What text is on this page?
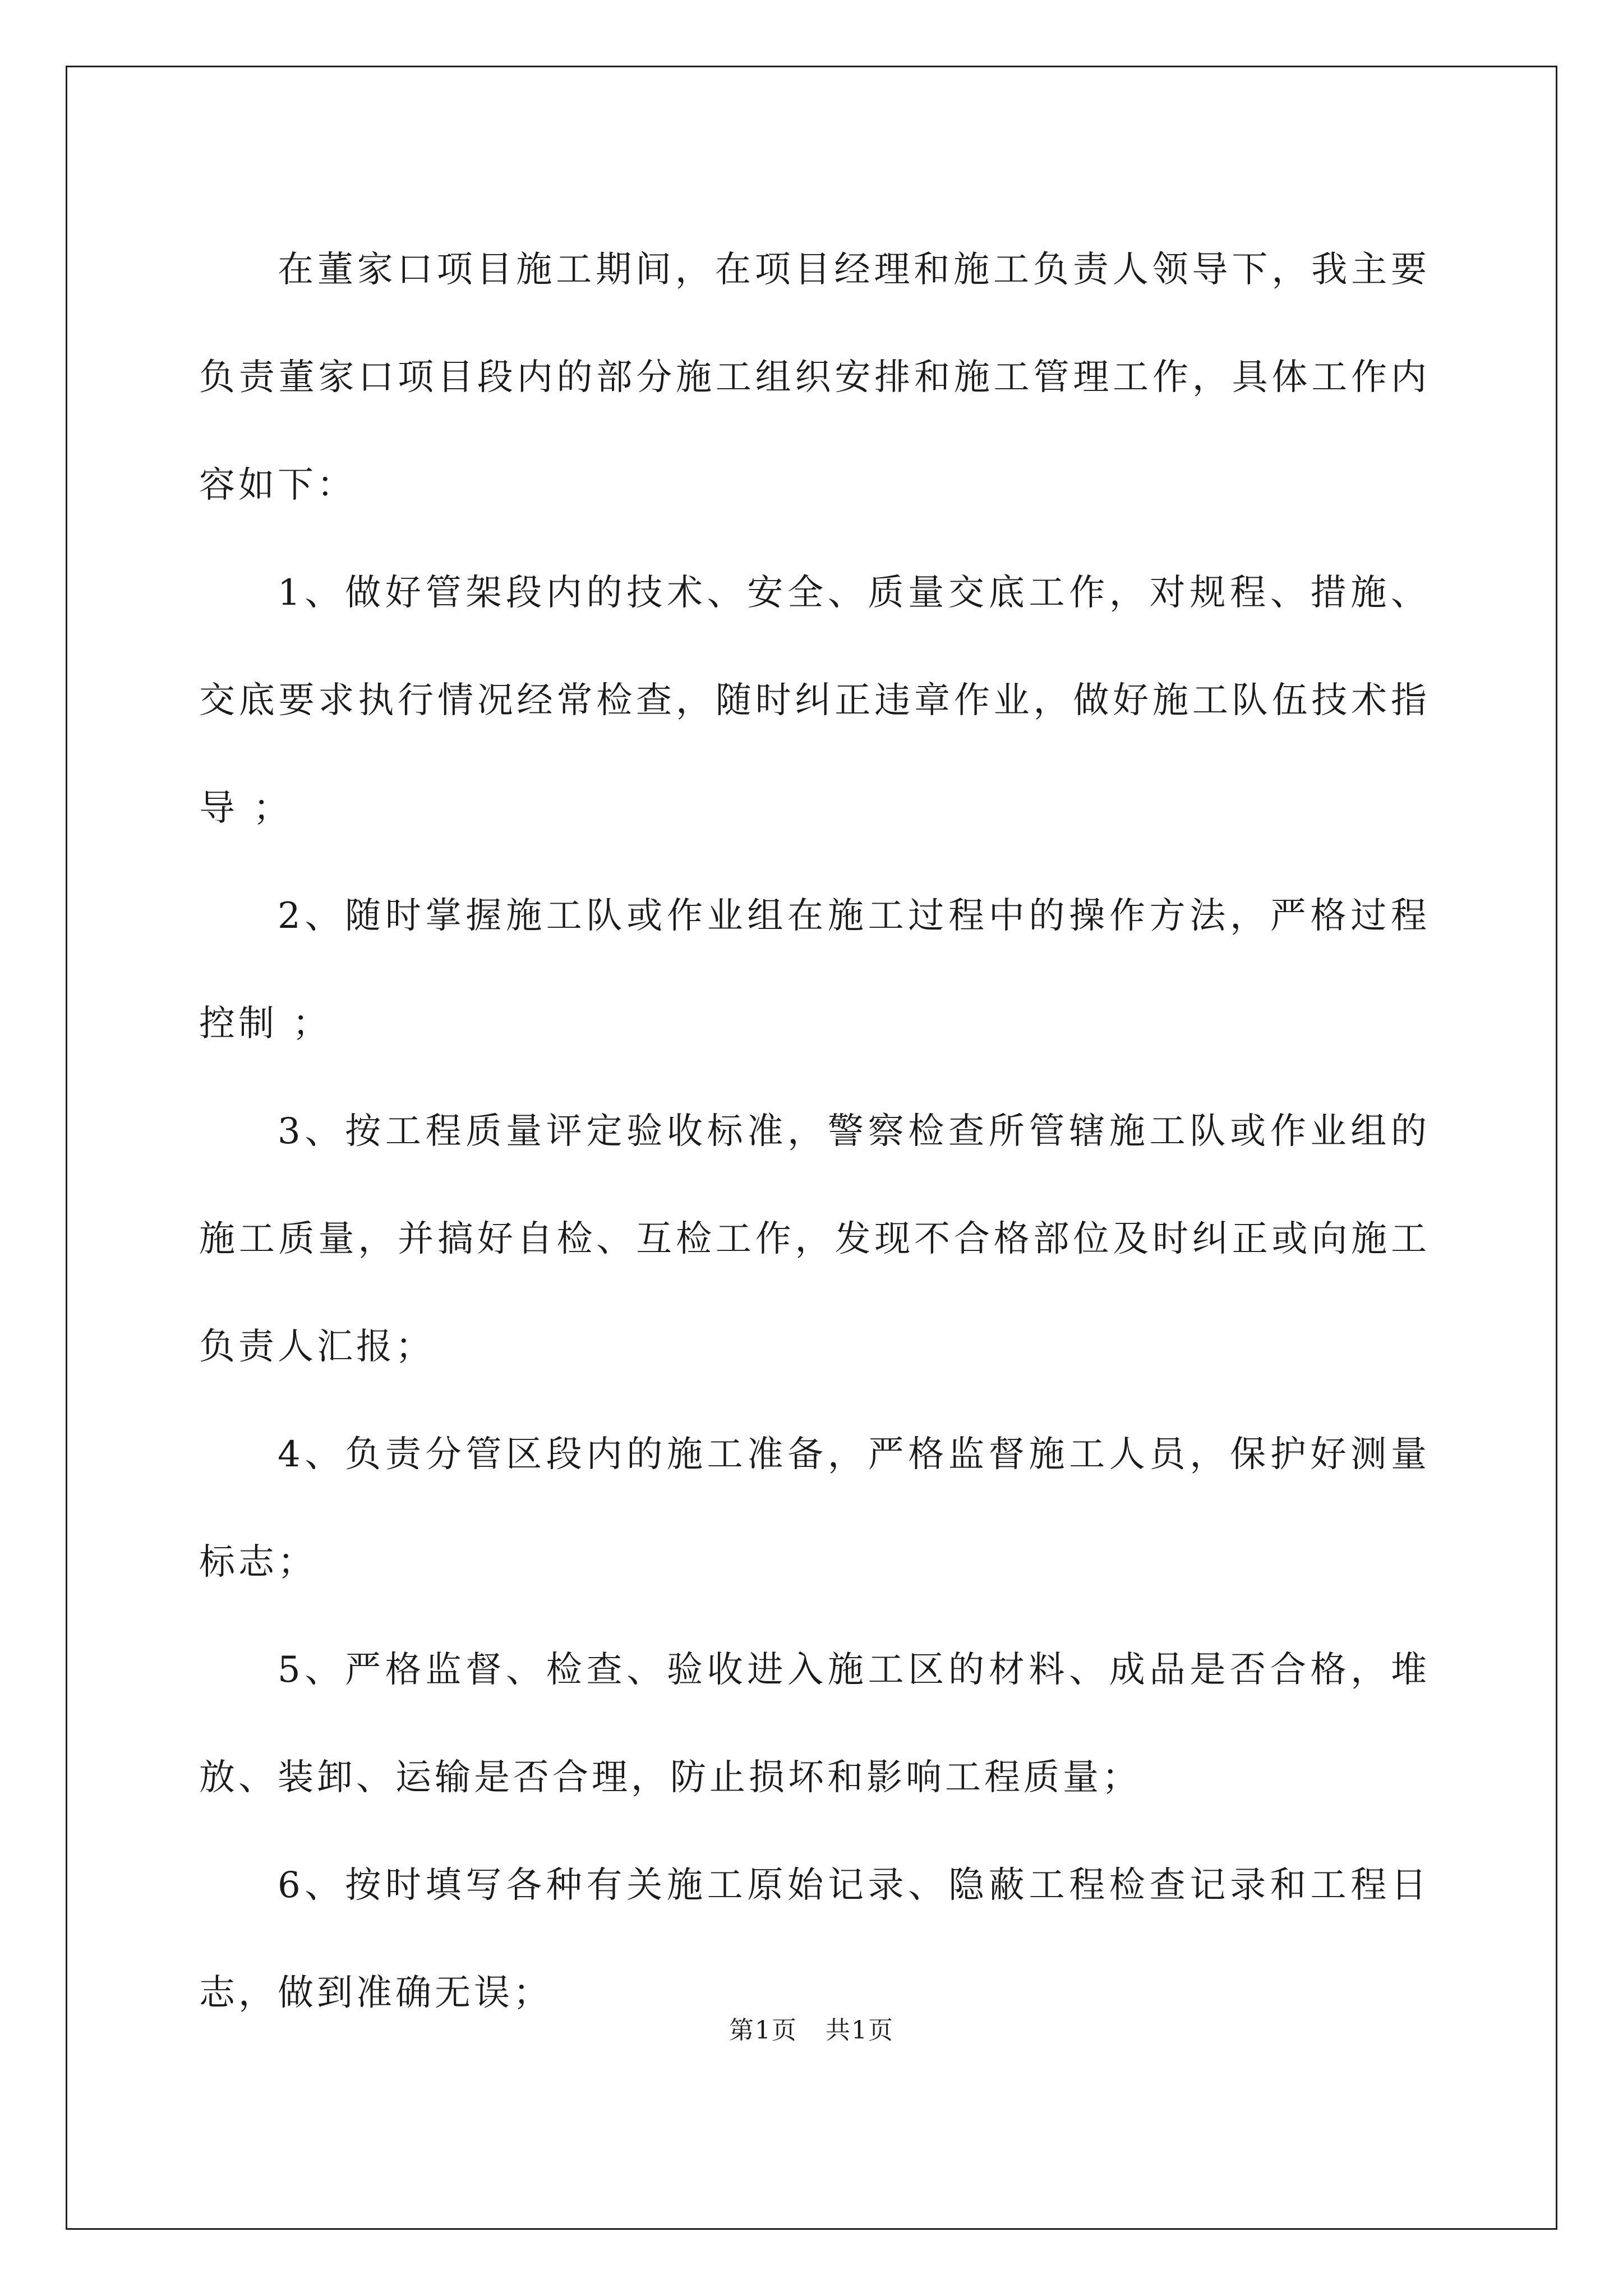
在董家口项目施工期间，在项目经理和施工负责人领导下，我主要负责董家口项目段内的部分施工组织安排和施工管理工作，具体工作内容如下：

1、做好管架段内的技术、安全、质量交底工作，对规程、措施、交底要求执行情况经常检查，随时纠正违章作业，做好施工队伍技术指导 ；

2、随时掌握施工队或作业组在施工过程中的操作方法，严格过程控制 ；

3、按工程质量评定验收标准，警察检查所管辖施工队或作业组的施工质量，并搞好自检、互检工作，发现不合格部位及时纠正或向施工负责人汇报；

4、负责分管区段内的施工准备，严格监督施工人员，保护好测量标志；

5、严格监督、检查、验收进入施工区的材料、成品是否合格，堆放、装卸、运输是否合理，防止损坏和影响工程质量；

6、按时填写各种有关施工原始记录、隐蔽工程检查记录和工程日志，做到准确无误；

第1页 共1页
